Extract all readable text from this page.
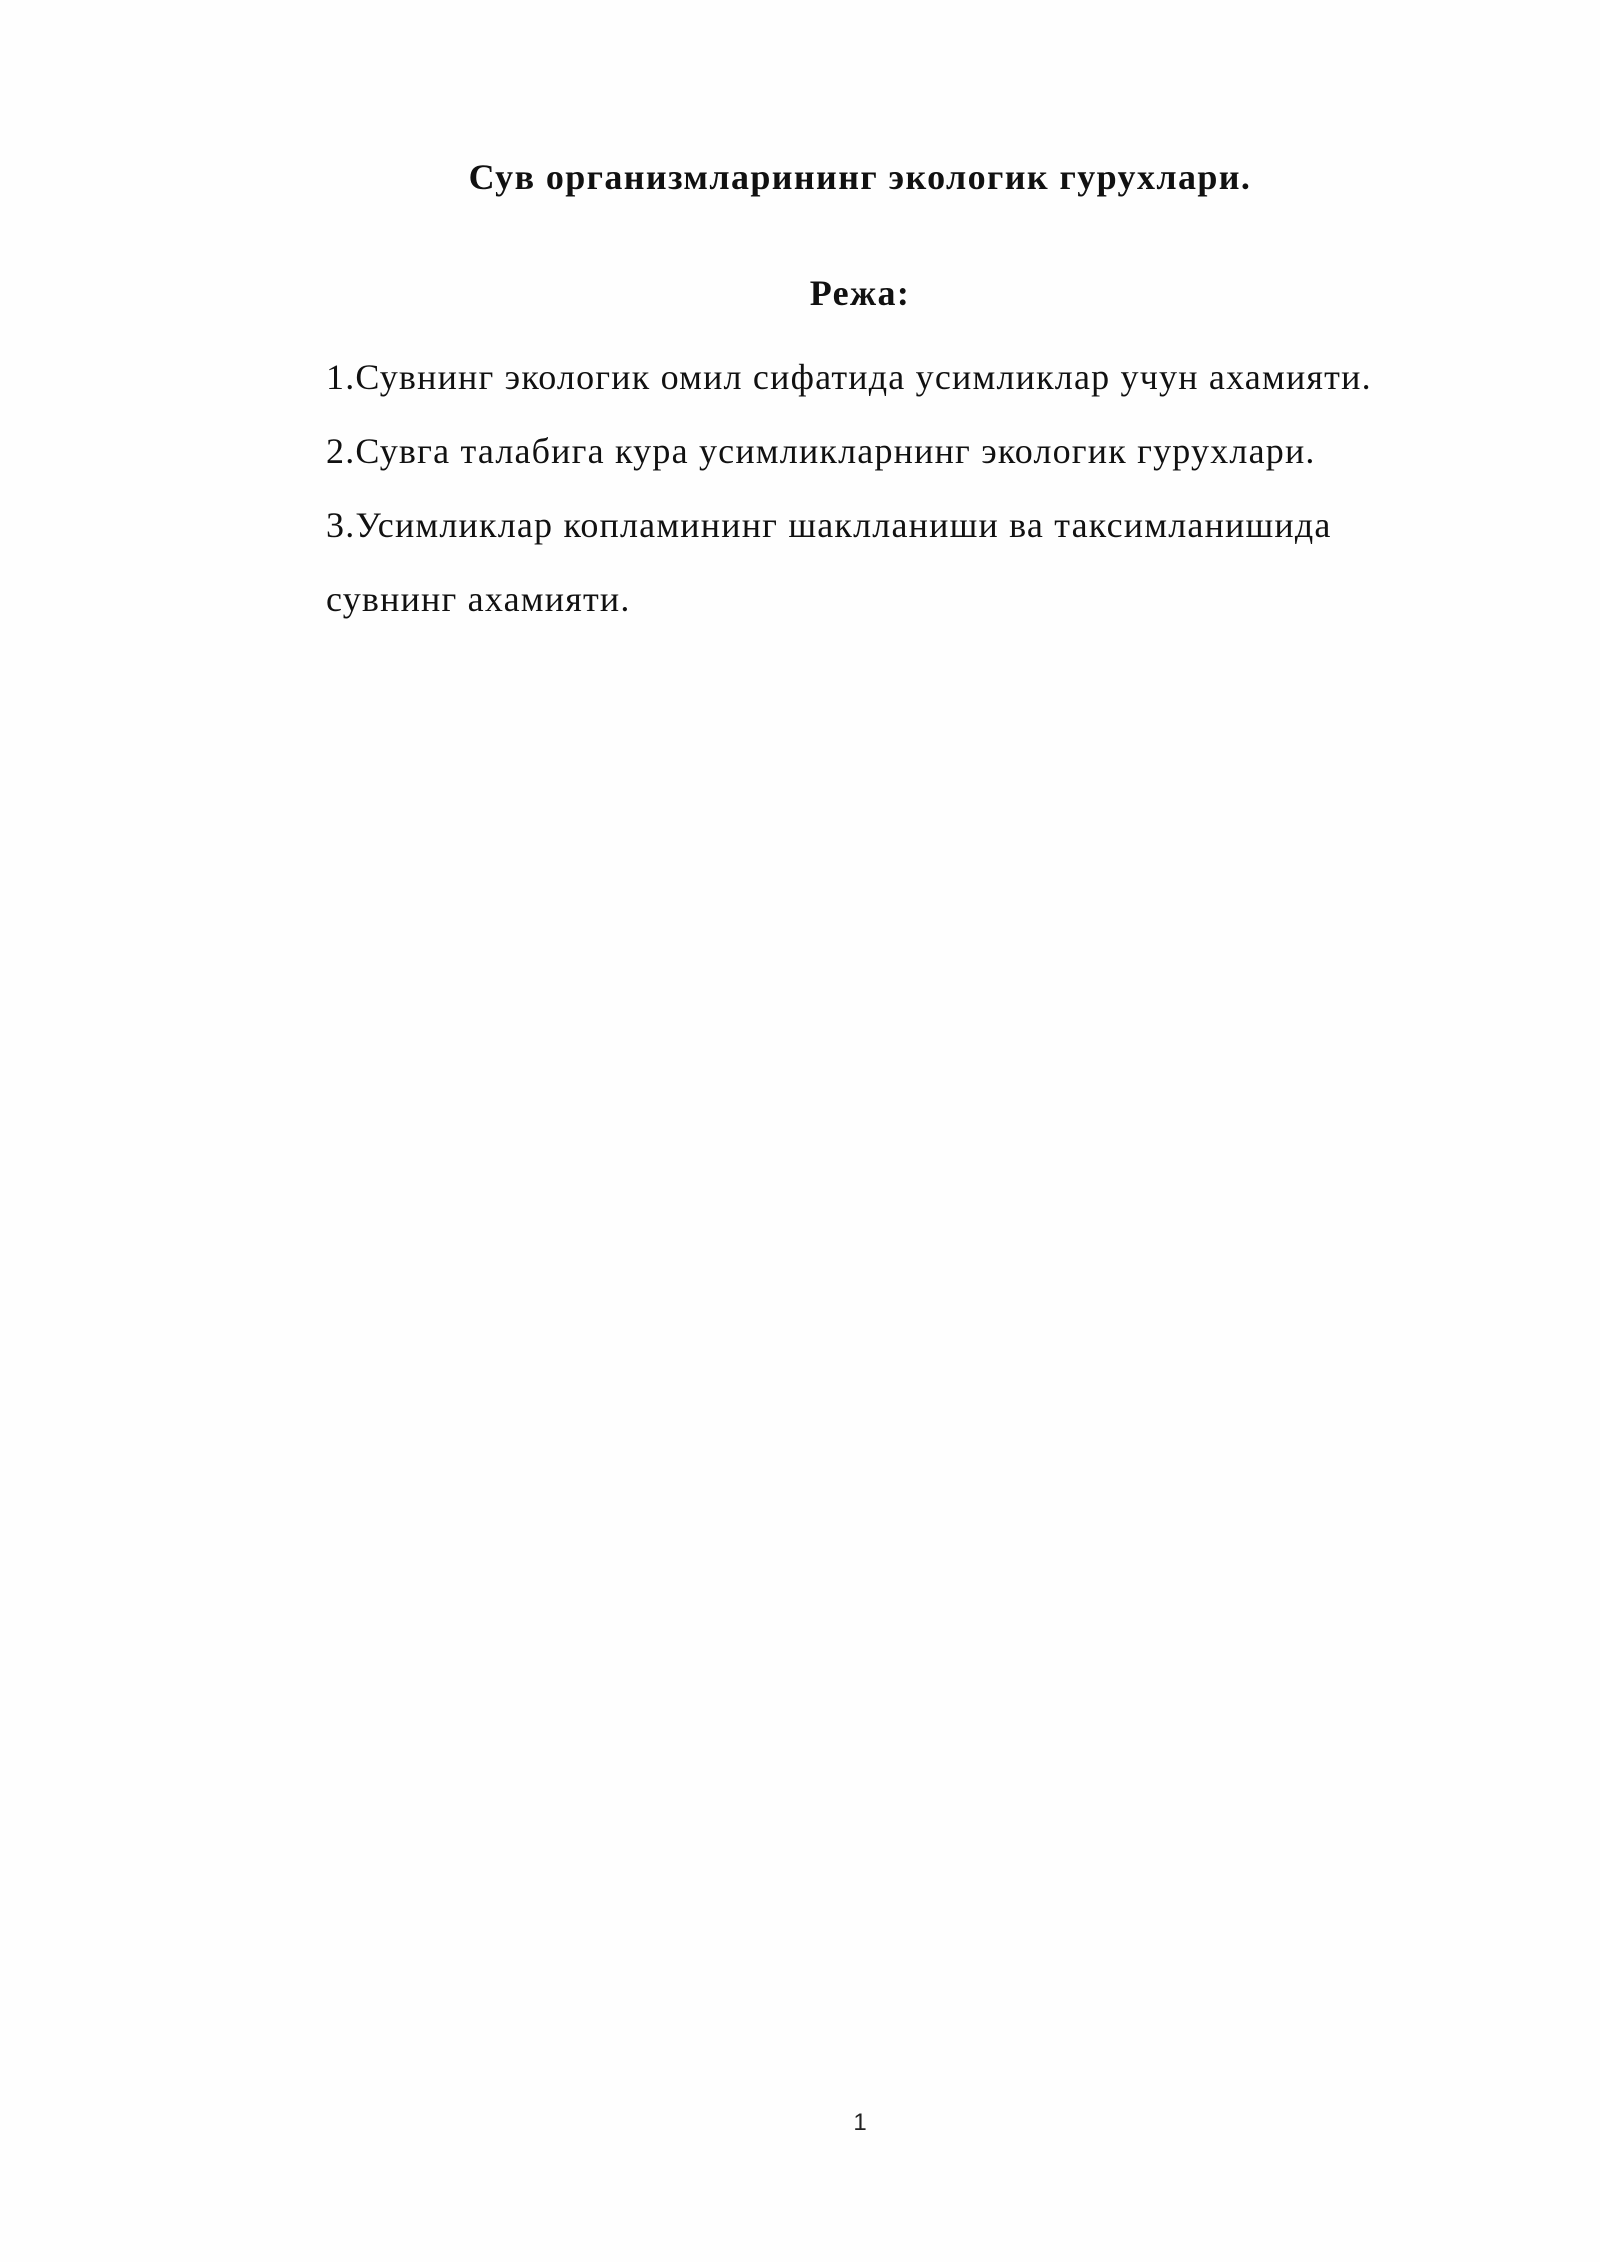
Сув организмларининг экологик гурухлари.
Режа:
1.Сувнинг экологик омил сифатида усимликлар учун ахамияти.
2.Сувга талабига кура усимликларнинг экологик гурухлари.
3.Усимликлар копламининг шаклланиши ва таксимланишида
сувнинг ахамияти.
1
